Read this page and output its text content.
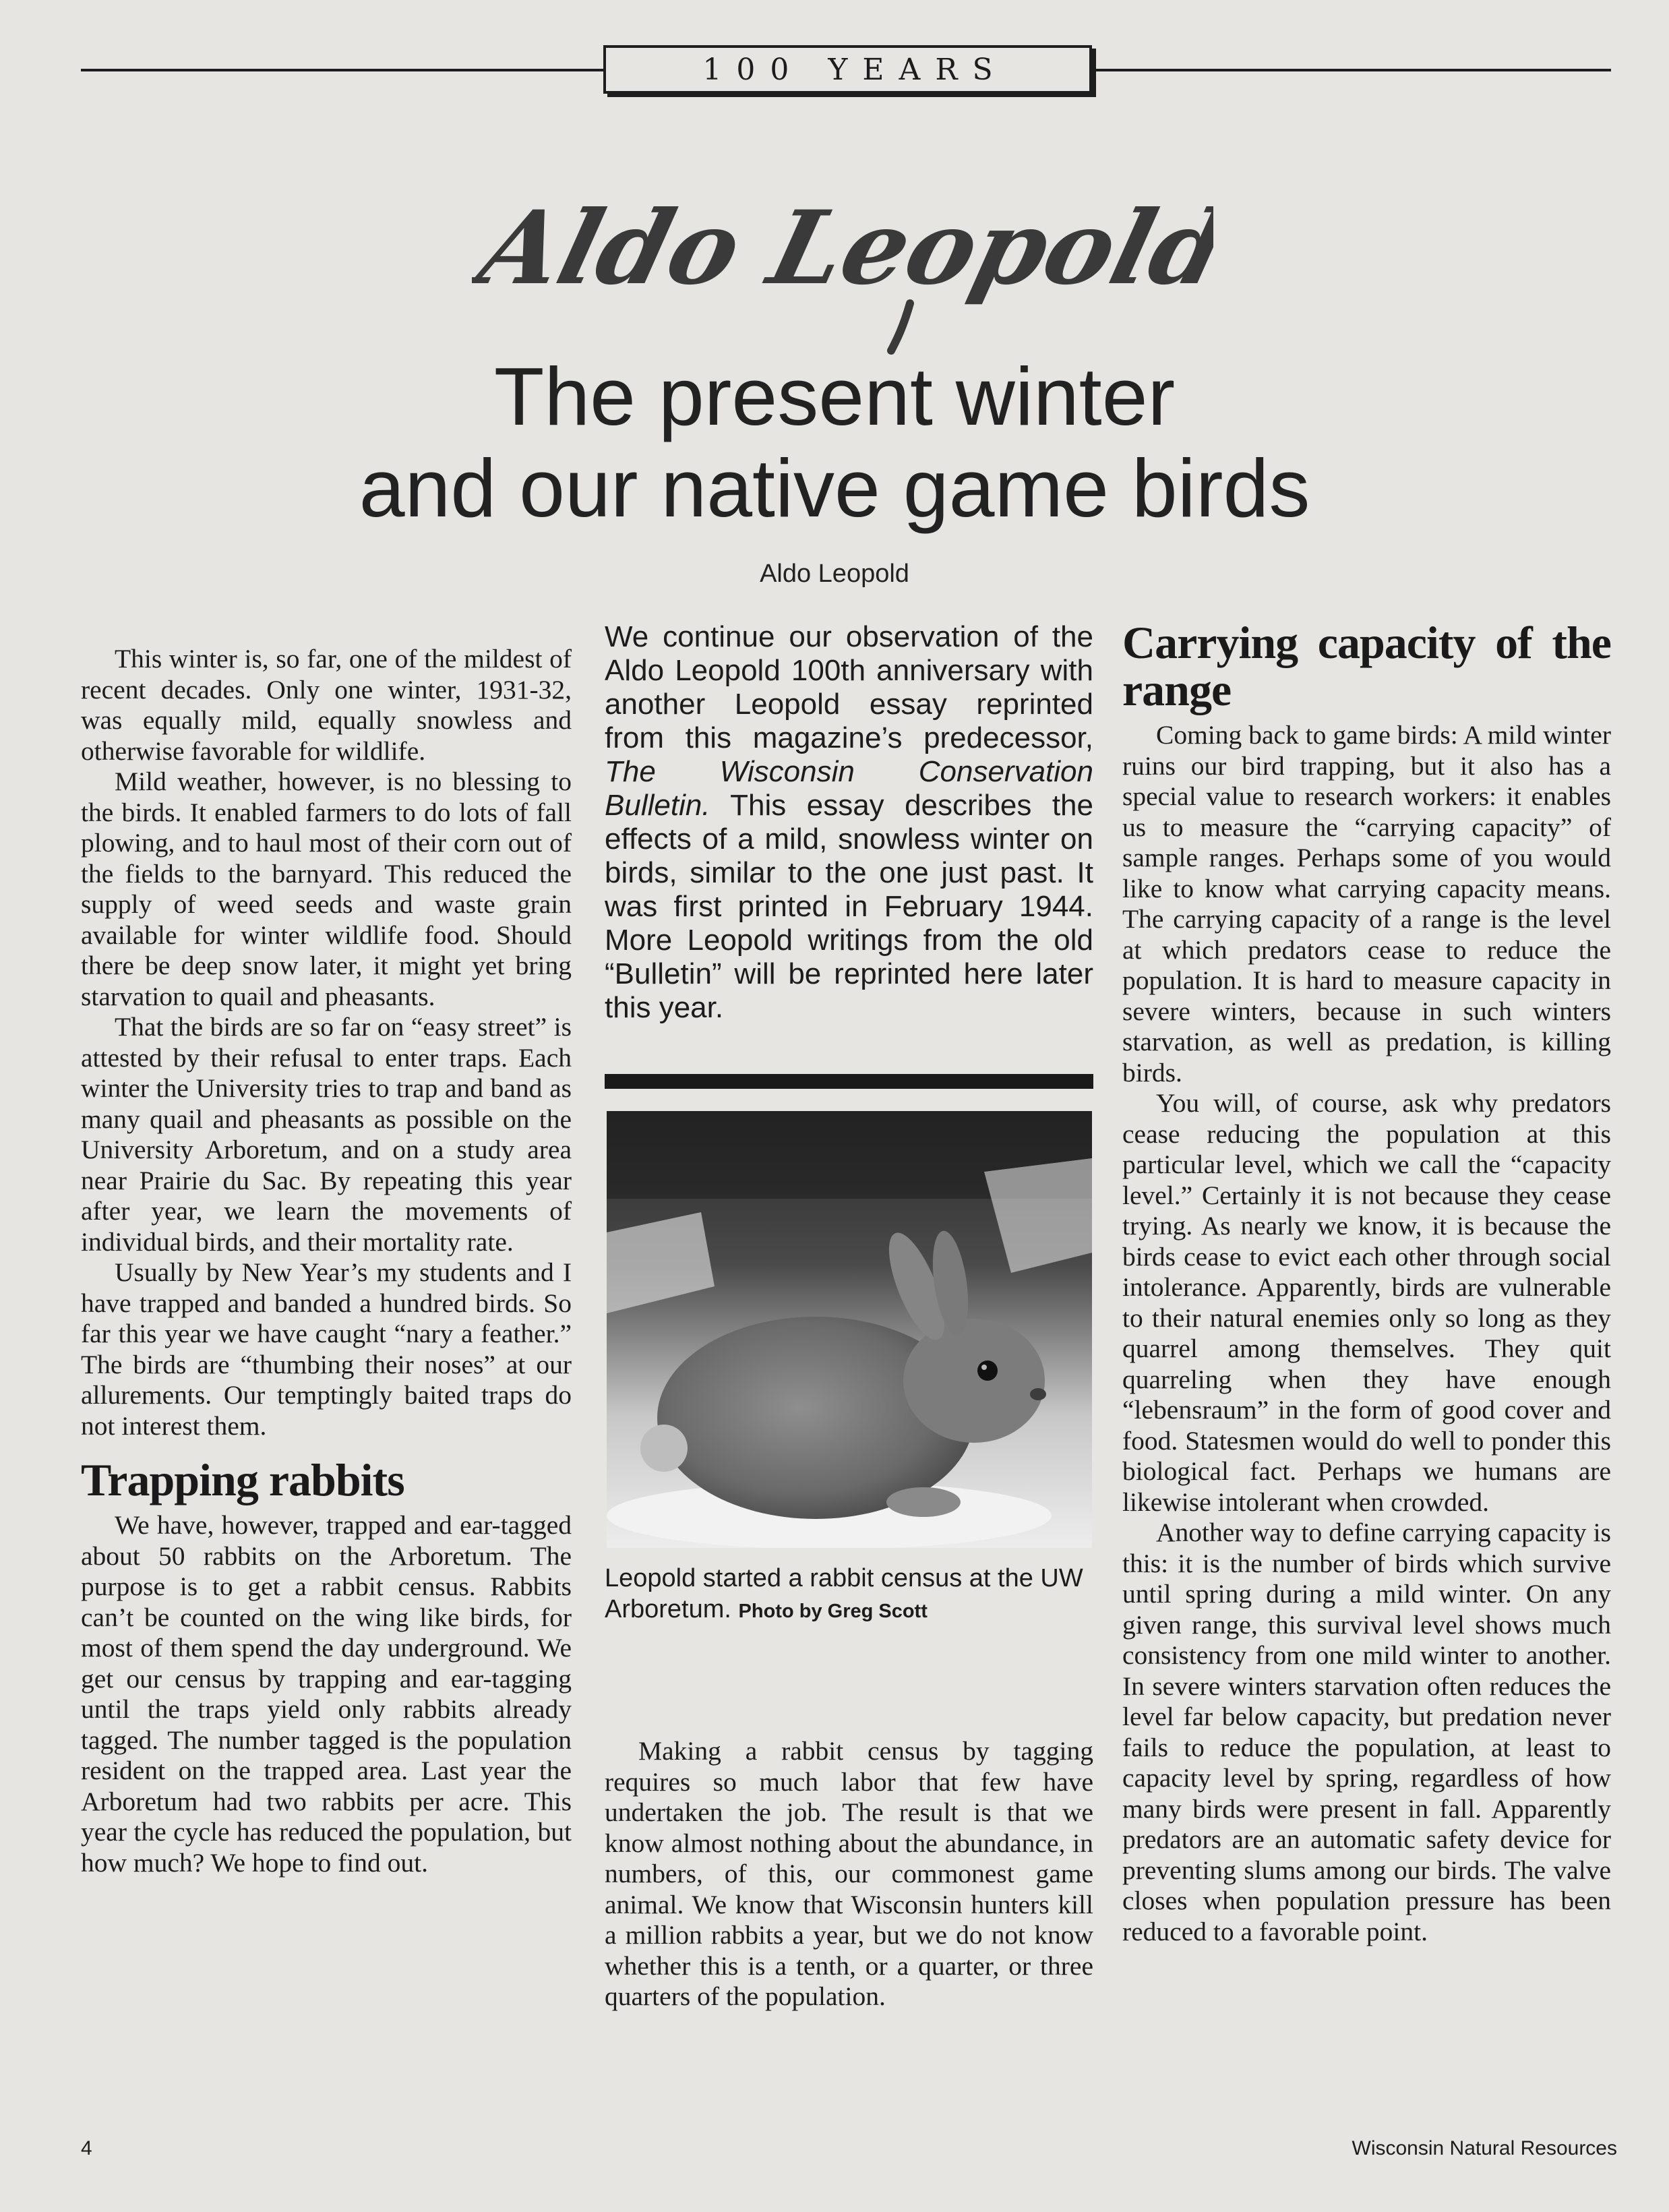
100 YEARS
Aldo Leopold
The present winter
and our native game birds
Aldo Leopold

This winter is, so far, one of the mildest of recent decades. Only one winter, 1931-32, was equally mild, equally snowless and otherwise favorable for wildlife.

Mild weather, however, is no blessing to the birds. It enabled farmers to do lots of fall plowing, and to haul most of their corn out of the fields to the barnyard. This reduced the supply of weed seeds and waste grain available for winter wildlife food. Should there be deep snow later, it might yet bring starvation to quail and pheasants.

That the birds are so far on “easy street” is attested by their refusal to enter traps. Each winter the University tries to trap and band as many quail and pheasants as possible on the University Arboretum, and on a study area near Prairie du Sac. By repeating this year after year, we learn the movements of individual birds, and their mortality rate.

Usually by New Year’s my students and I have trapped and banded a hundred birds. So far this year we have caught “nary a feather.” The birds are “thumbing their noses” at our allurements. Our temptingly baited traps do not interest them.

Trapping rabbits

We have, however, trapped and ear-tagged about 50 rabbits on the Arboretum. The purpose is to get a rabbit census. Rabbits can’t be counted on the wing like birds, for most of them spend the day underground. We get our census by trapping and ear-tagging until the traps yield only rabbits already tagged. The number tagged is the population resident on the trapped area. Last year the Arboretum had two rabbits per acre. This year the cycle has reduced the population, but how much? We hope to find out.

We continue our observation of the Aldo Leopold 100th anniversary with another Leopold essay reprinted from this magazine’s predecessor, The Wisconsin Conservation Bulletin. This essay describes the effects of a mild, snowless winter on birds, similar to the one just past. It was first printed in February 1944. More Leopold writings from the old “Bulletin” will be reprinted here later this year.
Leopold started a rabbit census at the UW Arboretum. Photo by Greg Scott

Making a rabbit census by tagging requires so much labor that few have undertaken the job. The result is that we know almost nothing about the abundance, in numbers, of this, our commonest game animal. We know that Wisconsin hunters kill a million rabbits a year, but we do not know whether this is a tenth, or a quarter, or three quarters of the population.

Carrying capacity of the range

Coming back to game birds: A mild winter ruins our bird trapping, but it also has a special value to research workers: it enables us to measure the “carrying capacity” of sample ranges. Perhaps some of you would like to know what carrying capacity means. The carrying capacity of a range is the level at which predators cease to reduce the population. It is hard to measure capacity in severe winters, because in such winters starvation, as well as predation, is killing birds.

You will, of course, ask why predators cease reducing the population at this particular level, which we call the “capacity level.” Certainly it is not because they cease trying. As nearly we know, it is because the birds cease to evict each other through social intolerance. Apparently, birds are vulnerable to their natural enemies only so long as they quarrel among themselves. They quit quarreling when they have enough “lebensraum” in the form of good cover and food. Statesmen would do well to ponder this biological fact. Perhaps we humans are likewise intolerant when crowded.

Another way to define carrying capacity is this: it is the number of birds which survive until spring during a mild winter. On any given range, this survival level shows much consistency from one mild winter to another. In severe winters starvation often reduces the level far below capacity, but predation never fails to reduce the population, at least to capacity level by spring, regardless of how many birds were present in fall. Apparently predators are an automatic safety device for preventing slums among our birds. The valve closes when population pressure has been reduced to a favorable point.

4	Wisconsin Natural Resources
